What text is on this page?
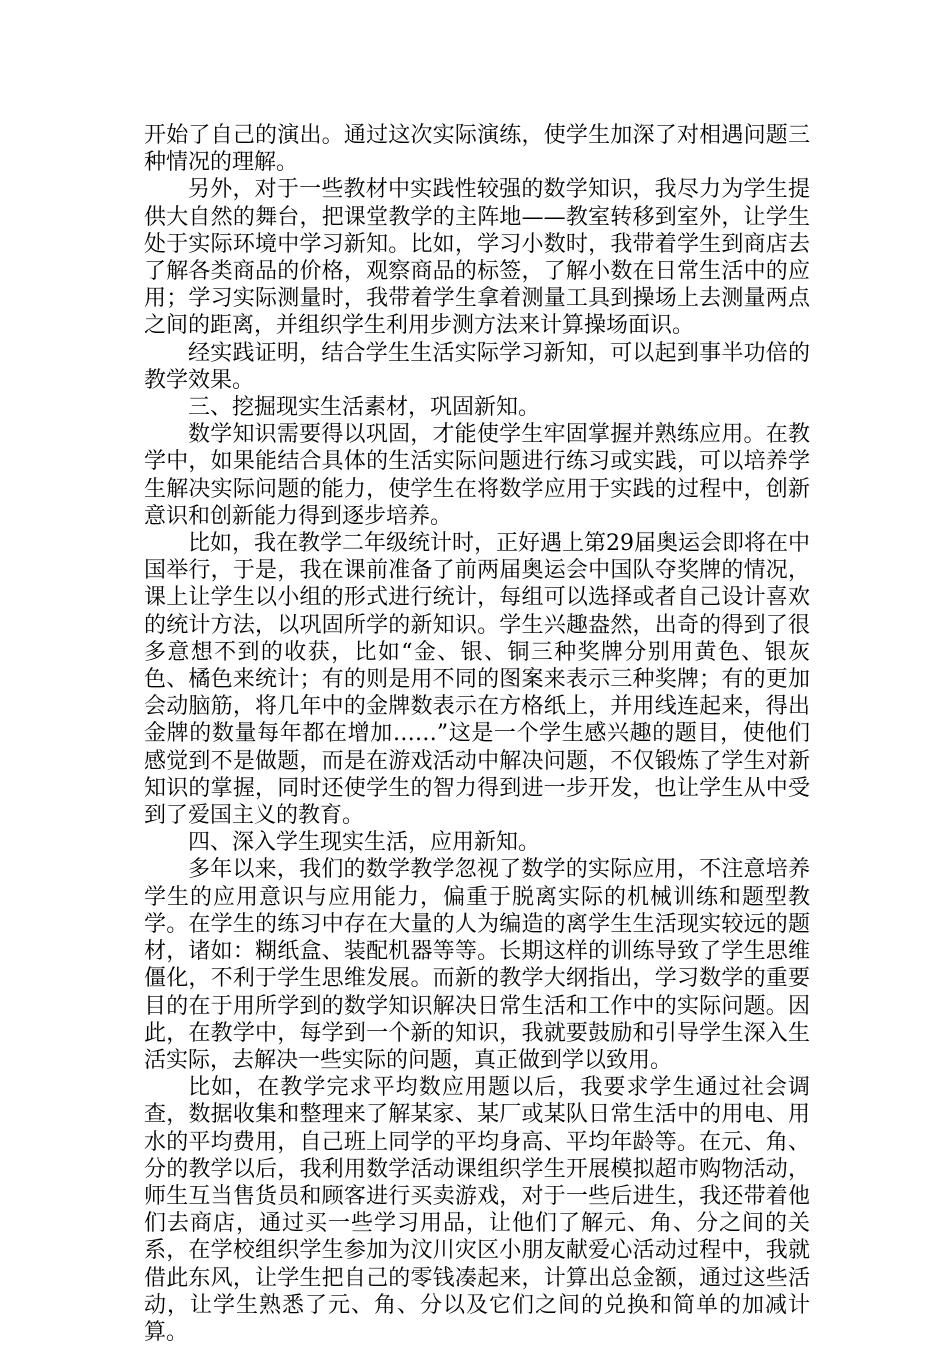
开始了自己的演出。通过这次实际演练，使学生加深了对相遇问题三种情况的理解。

另外，对于一些教材中实践性较强的数学知识，我尽力为学生提供大自然的舞台，把课堂教学的主阵地——教室转移到室外，让学生处于实际环境中学习新知。比如，学习小数时，我带着学生到商店去了解各类商品的价格，观察商品的标签，了解小数在日常生活中的应用；学习实际测量时，我带着学生拿着测量工具到操场上去测量两点之间的距离，并组织学生利用步测方法来计算操场面识。

经实践证明，结合学生生活实际学习新知，可以起到事半功倍的教学效果。

三、挖掘现实生活素材，巩固新知。

数学知识需要得以巩固，才能使学生牢固掌握并熟练应用。在教学中，如果能结合具体的生活实际问题进行练习或实践，可以培养学生解决实际问题的能力，使学生在将数学应用于实践的过程中，创新意识和创新能力得到逐步培养。

比如，我在教学二年级统计时，正好遇上第29届奥运会即将在中国举行，于是，我在课前准备了前两届奥运会中国队夺奖牌的情况，课上让学生以小组的形式进行统计，每组可以选择或者自己设计喜欢的统计方法，以巩固所学的新知识。学生兴趣盎然，出奇的得到了很多意想不到的收获，比如“金、银、铜三种奖牌分别用黄色、银灰色、橘色来统计；有的则是用不同的图案来表示三种奖牌；有的更加会动脑筋，将几年中的金牌数表示在方格纸上，并用线连起来，得出金牌的数量每年都在增加……”这是一个学生感兴趣的题目，使他们感觉到不是做题，而是在游戏活动中解决问题，不仅锻炼了学生对新知识的掌握，同时还使学生的智力得到进一步开发，也让学生从中受到了爱国主义的教育。

四、深入学生现实生活，应用新知。

多年以来，我们的数学教学忽视了数学的实际应用，不注意培养学生的应用意识与应用能力，偏重于脱离实际的机械训练和题型教学。在学生的练习中存在大量的人为编造的离学生生活现实较远的题材，诸如：糊纸盒、装配机器等等。长期这样的训练导致了学生思维僵化，不利于学生思维发展。而新的教学大纲指出，学习数学的重要目的在于用所学到的数学知识解决日常生活和工作中的实际问题。因此，在教学中，每学到一个新的知识，我就要鼓励和引导学生深入生活实际，去解决一些实际的问题，真正做到学以致用。

比如，在教学完求平均数应用题以后，我要求学生通过社会调查，数据收集和整理来了解某家、某厂或某队日常生活中的用电、用水的平均费用，自己班上同学的平均身高、平均年龄等。在元、角、分的教学以后，我利用数学活动课组织学生开展模拟超市购物活动，师生互当售货员和顾客进行买卖游戏，对于一些后进生，我还带着他们去商店，通过买一些学习用品，让他们了解元、角、分之间的关系，在学校组织学生参加为汶川灾区小朋友献爱心活动过程中，我就借此东风，让学生把自己的零钱凑起来，计算出总金额，通过这些活动，让学生熟悉了元、角、分以及它们之间的兑换和简单的加减计算。
